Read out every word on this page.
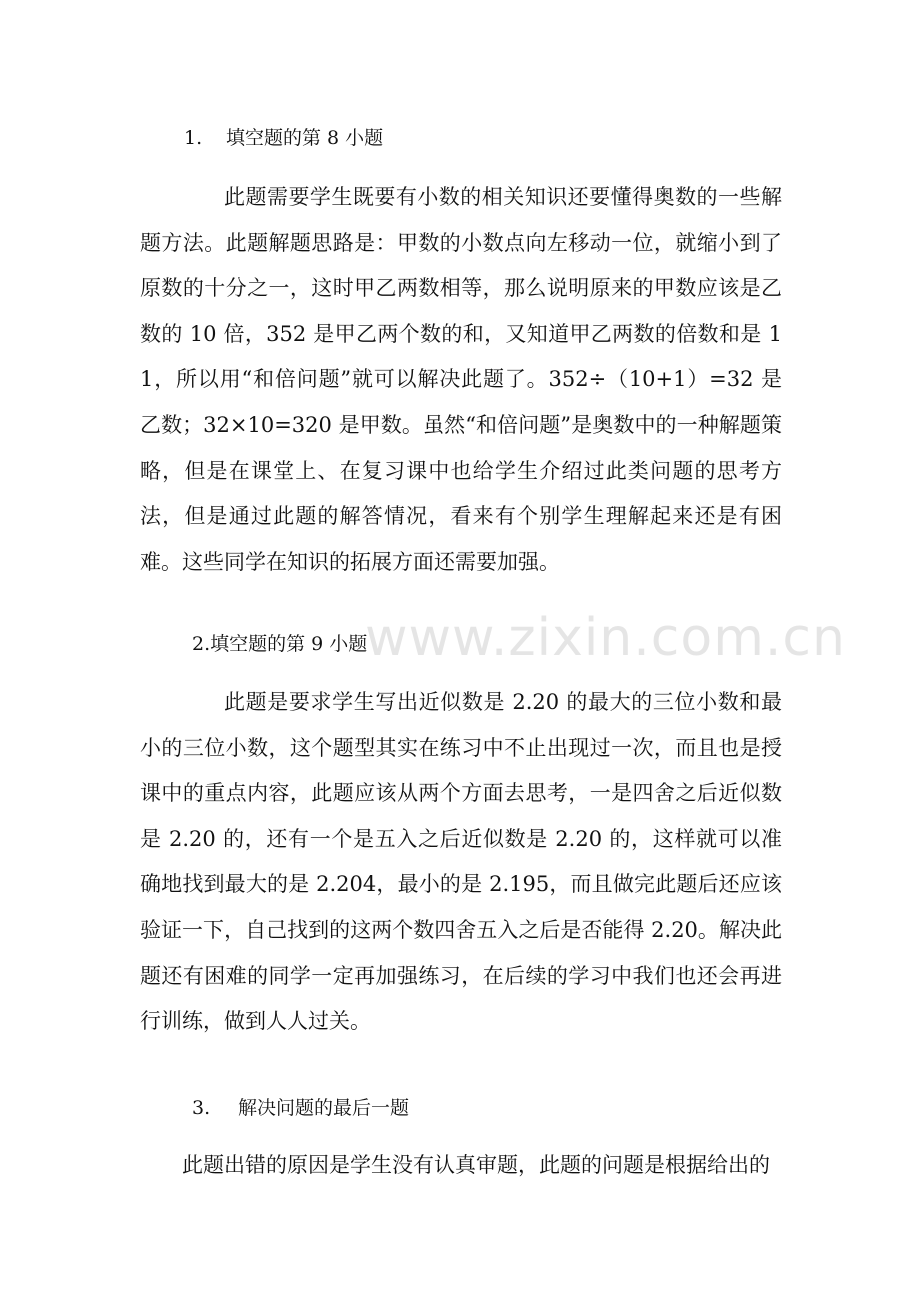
1. 填空题的第 8 小题

此题需要学生既要有小数的相关知识还要懂得奥数的一些解题方法。此题解题思路是：甲数的小数点向左移动一位，就缩小到了原数的十分之一，这时甲乙两数相等，那么说明原来的甲数应该是乙数的 10 倍，352 是甲乙两个数的和，又知道甲乙两数的倍数和是 11，所以用“和倍问题”就可以解决此题了。352÷（10+1）=32 是乙数；32×10=320 是甲数。虽然“和倍问题”是奥数中的一种解题策略，但是在课堂上、在复习课中也给学生介绍过此类问题的思考方法，但是通过此题的解答情况，看来有个别学生理解起来还是有困难。这些同学在知识的拓展方面还需要加强。

2.填空题的第 9 小题

此题是要求学生写出近似数是 2.20 的最大的三位小数和最小的三位小数，这个题型其实在练习中不止出现过一次，而且也是授课中的重点内容，此题应该从两个方面去思考，一是四舍之后近似数是 2.20 的，还有一个是五入之后近似数是 2.20 的，这样就可以准确地找到最大的是 2.204，最小的是 2.195，而且做完此题后还应该验证一下，自己找到的这两个数四舍五入之后是否能得 2.20。解决此题还有困难的同学一定再加强练习，在后续的学习中我们也还会再进行训练，做到人人过关。

3. 解决问题的最后一题

此题出错的原因是学生没有认真审题，此题的问题是根据给出的

www.zixin.com.cn
